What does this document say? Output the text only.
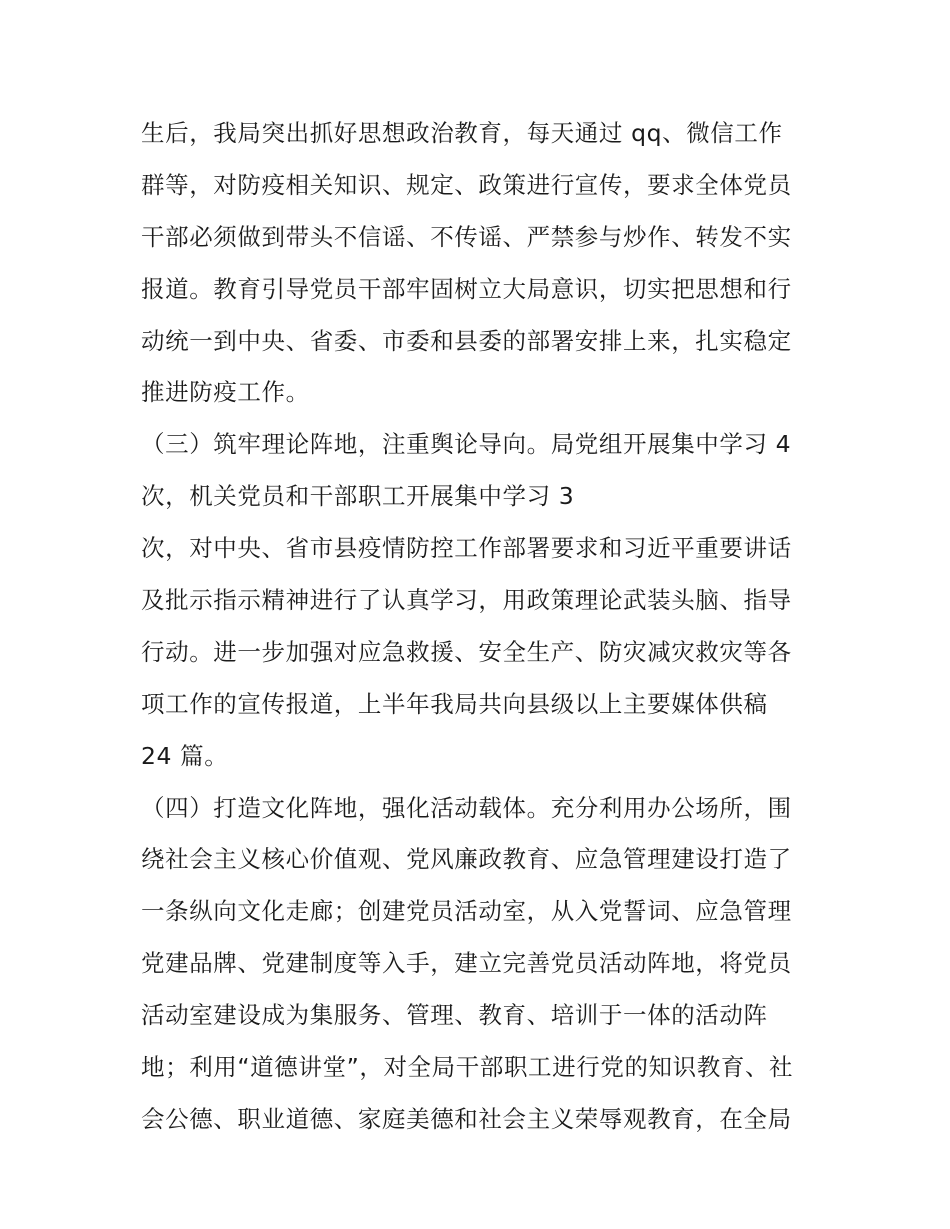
生后，我局突出抓好思想政治教育，每天通过 qq、微信工作
群等，对防疫相关知识、规定、政策进行宣传，要求全体党员
干部必须做到带头不信谣、不传谣、严禁参与炒作、转发不实
报道。教育引导党员干部牢固树立大局意识，切实把思想和行
动统一到中央、省委、市委和县委的部署安排上来，扎实稳定
推进防疫工作。
（三）筑牢理论阵地，注重舆论导向。局党组开展集中学习 4
次，机关党员和干部职工开展集中学习 3
次，对中央、省市县疫情防控工作部署要求和习近平重要讲话
及批示指示精神进行了认真学习，用政策理论武装头脑、指导
行动。进一步加强对应急救援、安全生产、防灾减灾救灾等各
项工作的宣传报道，上半年我局共向县级以上主要媒体供稿
24 篇。
（四）打造文化阵地，强化活动载体。充分利用办公场所，围
绕社会主义核心价值观、党风廉政教育、应急管理建设打造了
一条纵向文化走廊；创建党员活动室，从入党誓词、应急管理
党建品牌、党建制度等入手，建立完善党员活动阵地，将党员
活动室建设成为集服务、管理、教育、培训于一体的活动阵
地；利用“道德讲堂”，对全局干部职工进行党的知识教育、社
会公德、职业道德、家庭美德和社会主义荣辱观教育，在全局
